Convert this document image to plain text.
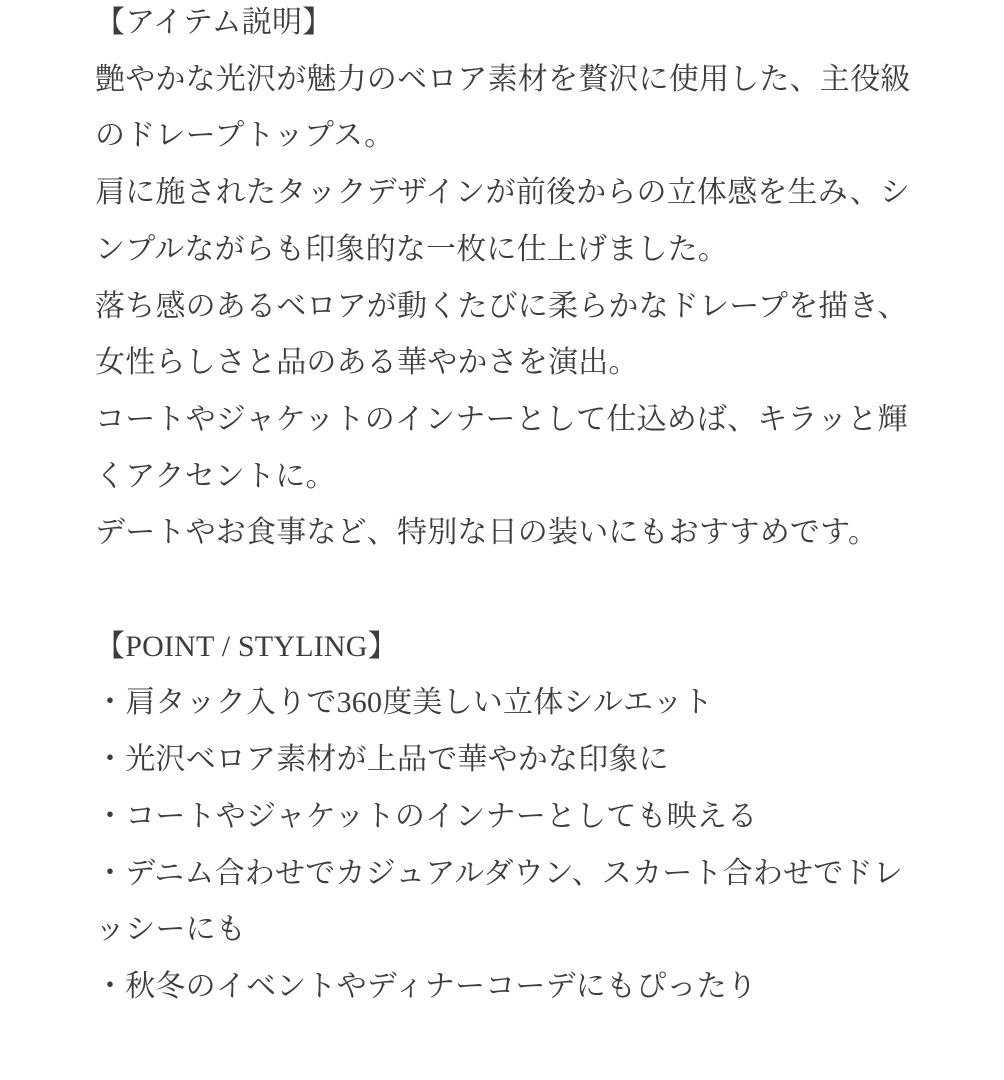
【アイテム説明】
艶やかな光沢が魅力のベロア素材を贅沢に使用した、主役級
のドレープトップス。
肩に施されたタックデザインが前後からの立体感を生み、シ
ンプルながらも印象的な一枚に仕上げました。
落ち感のあるベロアが動くたびに柔らかなドレープを描き、
女性らしさと品のある華やかさを演出。
コートやジャケットのインナーとして仕込めば、キラッと輝
くアクセントに。
デートやお食事など、特別な日の装いにもおすすめです。
【POINT / STYLING】
・肩タック入りで360度美しい立体シルエット
・光沢ベロア素材が上品で華やかな印象に
・コートやジャケットのインナーとしても映える
・デニム合わせでカジュアルダウン、スカート合わせでドレ
ッシーにも
・秋冬のイベントやディナーコーデにもぴったり
